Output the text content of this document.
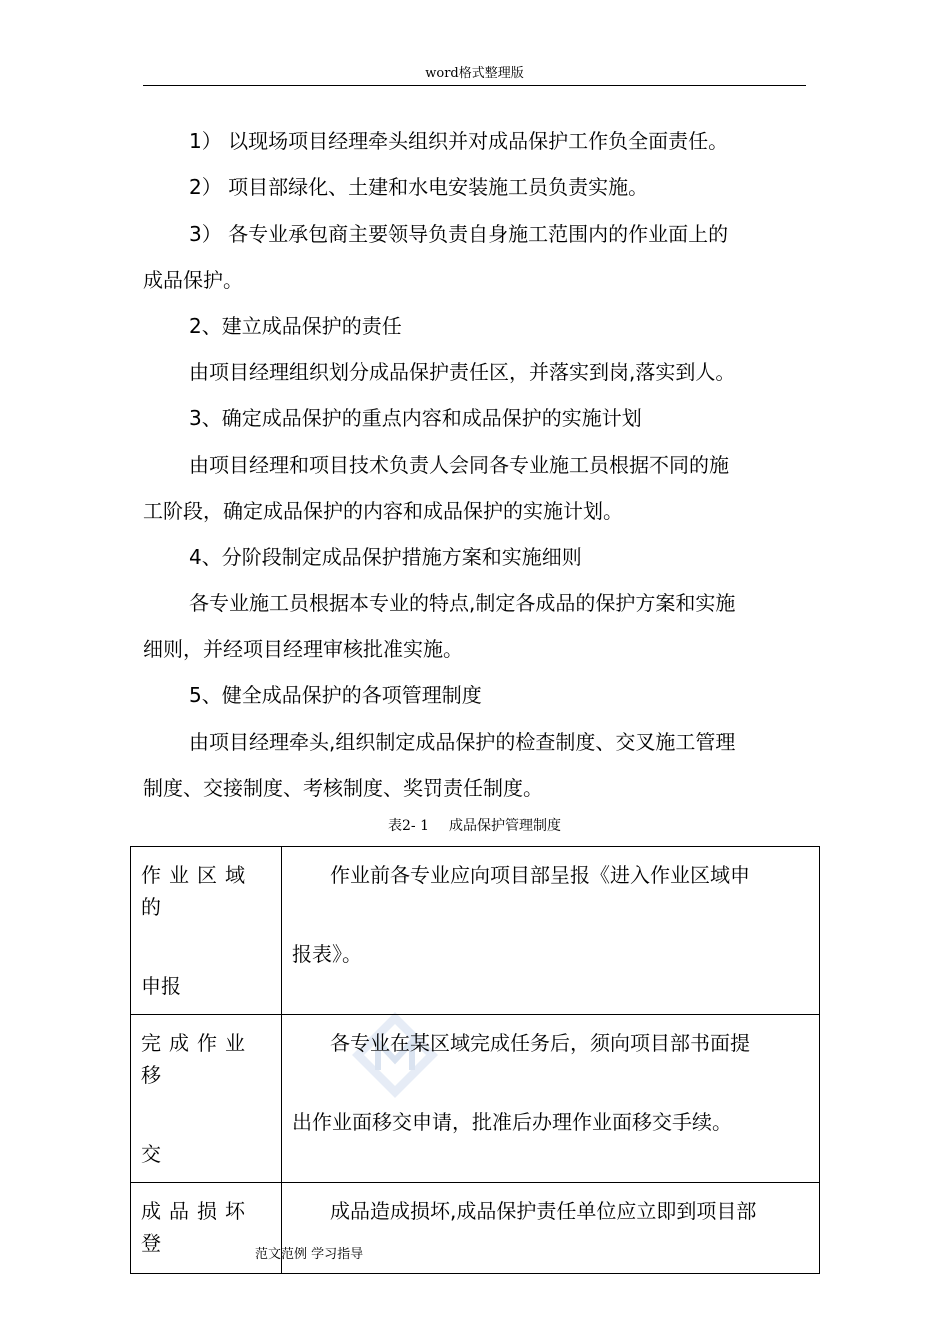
word格式整理版
1） 以现场项目经理牵头组织并对成品保护工作负全面责任。
2） 项目部绿化、土建和水电安装施工员负责实施。
3） 各专业承包商主要领导负责自身施工范围内的作业面上的
成品保护。
2、建立成品保护的责任
由项目经理组织划分成品保护责任区，并落实到岗,落实到人。
3、确定成品保护的重点内容和成品保护的实施计划
由项目经理和项目技术负责人会同各专业施工员根据不同的施
工阶段，确定成品保护的内容和成品保护的实施计划。
4、分阶段制定成品保护措施方案和实施细则
各专业施工员根据本专业的特点,制定各成品的保护方案和实施
细则，并经项目经理审核批准实施。
5、健全成品保护的各项管理制度
由项目经理牵头,组织制定成品保护的检查制度、交叉施工管理
制度、交接制度、考核制度、奖罚责任制度。
表2- 1 成品保护管理制度
作业区域的
申报	作业前各专业应向项目部呈报《进入作业区域申
报表》。

完成作业移
交	各专业在某区域完成任务后，须向项目部书面提
出作业面移交申请，批准后办理作业面移交手续。

成品损坏登	成品造成损坏,成品保护责任单位应立即到项目部
范文范例 学习指导
